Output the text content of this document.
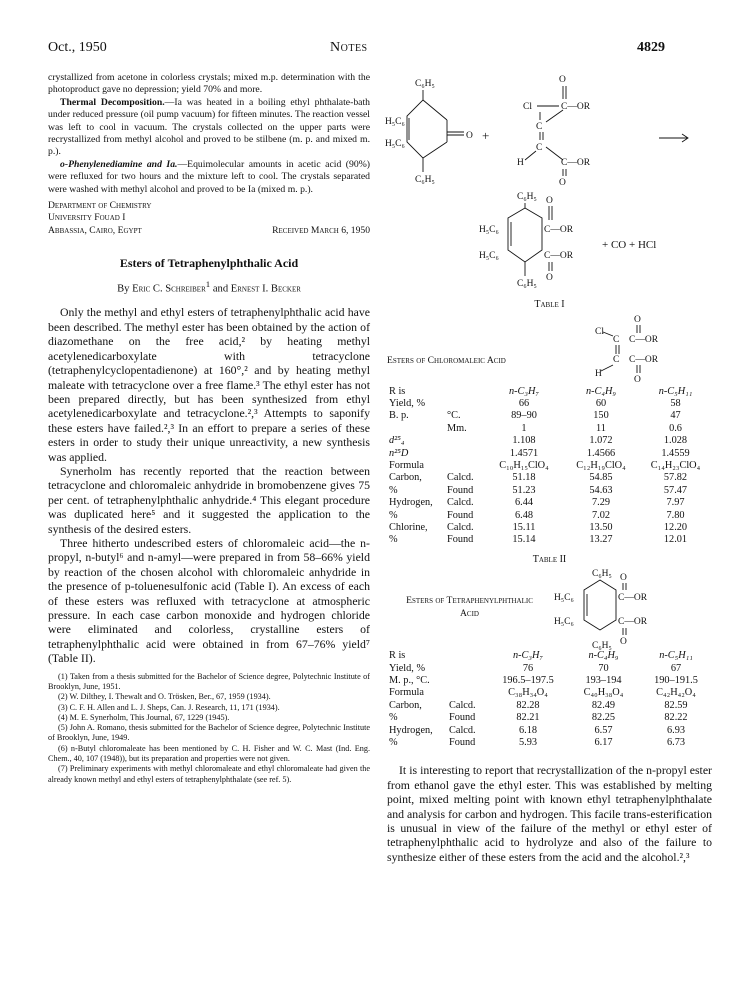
Oct., 1950	Notes	4829

crystallized from acetone in colorless crystals; mixed m.p. determination with the photoproduct gave no depression; yield 70% and more.

Thermal Decomposition.—Ia was heated in a boiling ethyl phthalate-bath under reduced pressure (oil pump vacuum) for fifteen minutes. The reaction vessel was left to cool in vacuum. The crystals collected on the upper parts were recrystallized from methyl alcohol and proved to be stilbene (m. p. and mixed m. p.).

o-Phenylenediamine and Ia.—Equimolecular amounts in acetic acid (90%) were refluxed for two hours and the mixture left to cool. The crystals separated were washed with methyl alcohol and proved to be Ia (mixed m. p.).

Department of Chemistry
University Fouad I
Abbassia, Cairo, Egypt	Received March 6, 1950
Esters of Tetraphenylphthalic Acid
By Eric C. Schreiber$^1$ and Ernest I. Becker

Only the methyl and ethyl esters of tetraphenylphthalic acid have been described. The methyl ester has been obtained by the action of diazomethane on the free acid,² by heating methyl acetylenedicarboxylate with tetracyclone (tetraphenylcyclopentadienone) at 160°,² and by heating methyl maleate with tetracyclone over a free flame.³ The ethyl ester has not been prepared directly, but has been synthesized from ethyl acetylenedicarboxylate and tetracyclone.²,³ Attempts to saponify these esters have failed.²,³ In an effort to prepare a series of these esters in order to study their unique unreactivity, a new synthesis was applied.

Synerholm has recently reported that the reaction between tetracyclone and chloromaleic anhydride in bromobenzene gives 75 per cent. of tetraphenylphthalic anhydride.⁴ This elegant procedure was duplicated here⁵ and it suggested the application to the synthesis of the desired esters.

Three hitherto undescribed esters of chloromaleic acid—the n-propyl, n-butyl⁶ and n-amyl—were prepared in from 58–66% yield by reaction of the chosen alcohol with chloromaleic anhydride in the presence of p-toluenesulfonic acid (Table I). An excess of each of these esters was refluxed with tetracyclone at atmospheric pressure. In each case carbon monoxide and hydrogen chloride were eliminated and colorless, crystalline esters of tetraphenylphthalic acid were obtained in from 67–76% yield⁷ (Table II).

(1) Taken from a thesis submitted for the Bachelor of Science degree, Polytechnic Institute of Brooklyn, June, 1951.

(2) W. Dilthey, I. Thewalt and O. Trösken, Ber., 67, 1959 (1934).

(3) C. F. H. Allen and L. J. Sheps, Can. J. Research, 11, 171 (1934).

(4) M. E. Synerholm, This Journal, 67, 1229 (1945).

(5) John A. Romano, thesis submitted for the Bachelor of Science degree, Polytechnic Institute of Brooklyn, June, 1949.

(6) n-Butyl chloromaleate has been mentioned by C. H. Fisher and W. C. Mast (Ind. Eng. Chem., 40, 107 (1948)), but its preparation and properties were not given.

(7) Preliminary experiments with methyl chloromaleate and ethyl chloromaleate had given the already known methyl and ethyl esters of tetraphenylphthalate (see ref. 5).

C₆H₅
H₅C₆
H₅C₆
C₆H₅
O +
O
Cl	C—OR
C
C
H	C—OR
O
C₆H₅ O
H₅C₆
H₅C₆
C—OR
C—OR
C₆H₅
O
+ CO + HCl
Table I
Esters of Chloromaleic Acid
O
Cl
C—OR
C
C C—OR
H
O
R is		n-C₃H₇	n-C₄H₉	n-C₅H₁₁
Yield, %		66	60	58
B. p.	°C.	89–90	150	47
	Mm.	1	11	0.6
d²⁵₄		1.108	1.072	1.028
n²⁵D		1.4571	1.4566	1.4559
Formula		C₁₀H₁₅ClO₄	C₁₂H₁₉ClO₄	C₁₄H₂₃ClO₄
Carbon,	Calcd.	51.18	54.85	57.82
%	Found	51.23	54.63	57.47
Hydrogen,	Calcd.	6.44	7.29	7.97
%	Found	6.48	7.02	7.80
Chlorine,	Calcd.	15.11	13.50	12.20
%	Found	15.14	13.27	12.01
Table II
Esters of Tetraphenylphthalic
Acid
C₆H₅ O
H₅C₆
H₅C₆
C—OR
C—OR
C₆H₅ O
R is		n-C₃H₇	n-C₄H₉	n-C₅H₁₁
Yield, %		76	70	67
M. p., °C.		196.5–197.5	193–194	190–191.5
Formula		C₃₈H₃₄O₄	C₄₀H₃₈O₄	C₄₂H₄₂O₄
Carbon,	Calcd.	82.28	82.49	82.59
%	Found	82.21	82.25	82.22
Hydrogen,	Calcd.	6.18	6.57	6.93
%	Found	5.93	6.17	6.73

It is interesting to report that recrystallization of the n-propyl ester from ethanol gave the ethyl ester. This was established by melting point, mixed melting point with known ethyl tetraphenylphthalate and analysis for carbon and hydrogen. This facile trans-esterification is unusual in view of the failure of the methyl or ethyl ester of tetraphenylphthalic acid to hydrolyze and also of the failure to synthesize either of these esters from the acid and the alcohol.²,³
